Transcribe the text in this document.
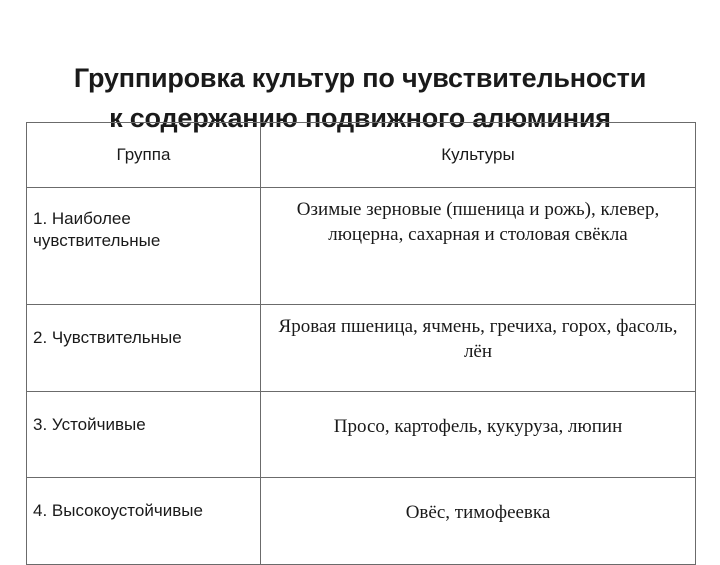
Группировка культур по чувствительности
к содержанию подвижного алюминия
Группа	Культуры
1. Наиболее чувствительные	Озимые зерновые (пшеница и рожь), клевер, люцерна, сахарная и столовая свёкла
2. Чувствительные	Яровая пшеница, ячмень, гречиха, горох, фасоль, лён
3. Устойчивые	Просо, картофель, кукуруза, люпин
4. Высокоустойчивые	Овёс, тимофеевка
